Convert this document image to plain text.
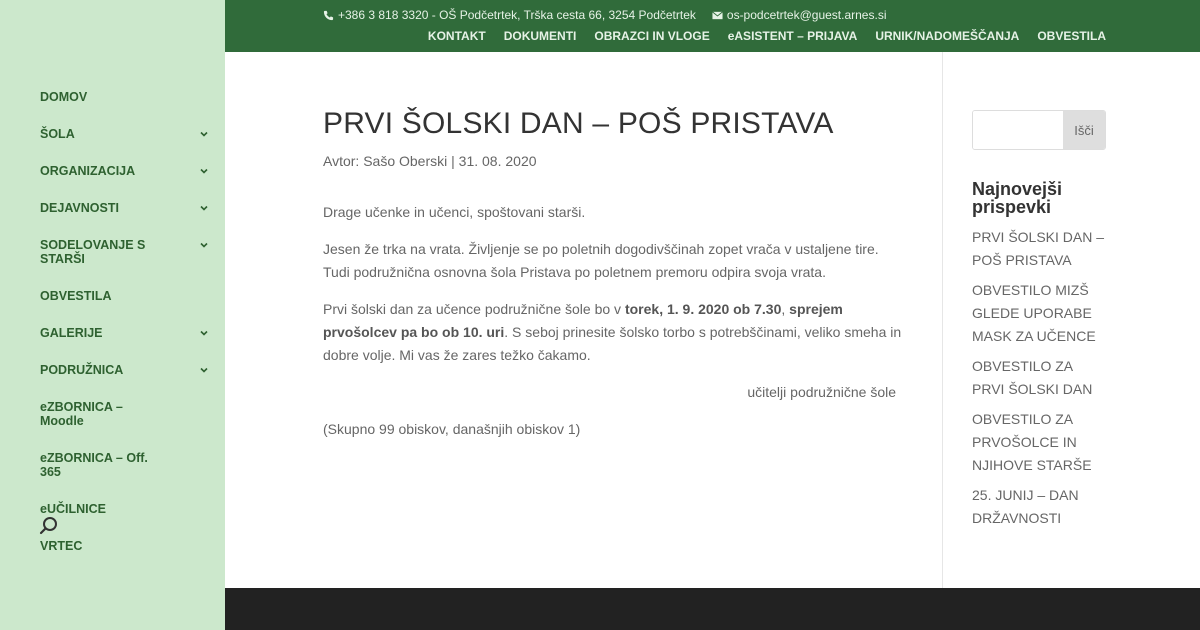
DOMOV
ŠOLA
ORGANIZACIJA
DEJAVNOSTI
SODELOVANJE S STARŠI
OBVESTILA
GALERIJE
PODRUŽNICA
eZBORNICA – Moodle
eZBORNICA – Off. 365
eUČILNICE
VRTEC
+386 3 818 3320 - OŠ Podčetrtek, Trška cesta 66, 3254 Podčetrtek	os-podcetrtek@guest.arnes.si
KONTAKT DOKUMENTI OBRAZCI IN VLOGE eASISTENT – PRIJAVA URNIK/NADOMEŠČANJA OBVESTILA
PRVI ŠOLSKI DAN – POŠ PRISTAVA
Avtor: Sašo Oberski | 31. 08. 2020

Drage učenke in učenci, spoštovani starši.

Jesen že trka na vrata. Življenje se po poletnih dogodivščinah zopet vrača v ustaljene tire. Tudi podružnična osnovna šola Pristava po poletnem premoru odpira svoja vrata.

Prvi šolski dan za učence podružnične šole bo v torek, 1. 9. 2020 ob 7.30, sprejem prvošolcev pa bo ob 10. uri. S seboj prinesite šolsko torbo s potrebščinami, veliko smeha in dobre volje. Mi vas že zares težko čakamo.

učitelji podružnične šole

(Skupno 99 obiskov, današnjih obiskov 1)

Išči
Najnovejši prispevki
PRVI ŠOLSKI DAN – POŠ PRISTAVA
OBVESTILO MIZŠ GLEDE UPORABE MASK ZA UČENCE
OBVESTILO ZA PRVI ŠOLSKI DAN
OBVESTILO ZA PRVOŠOLCE IN NJIHOVE STARŠE
25. JUNIJ – DAN DRŽAVNOSTI
